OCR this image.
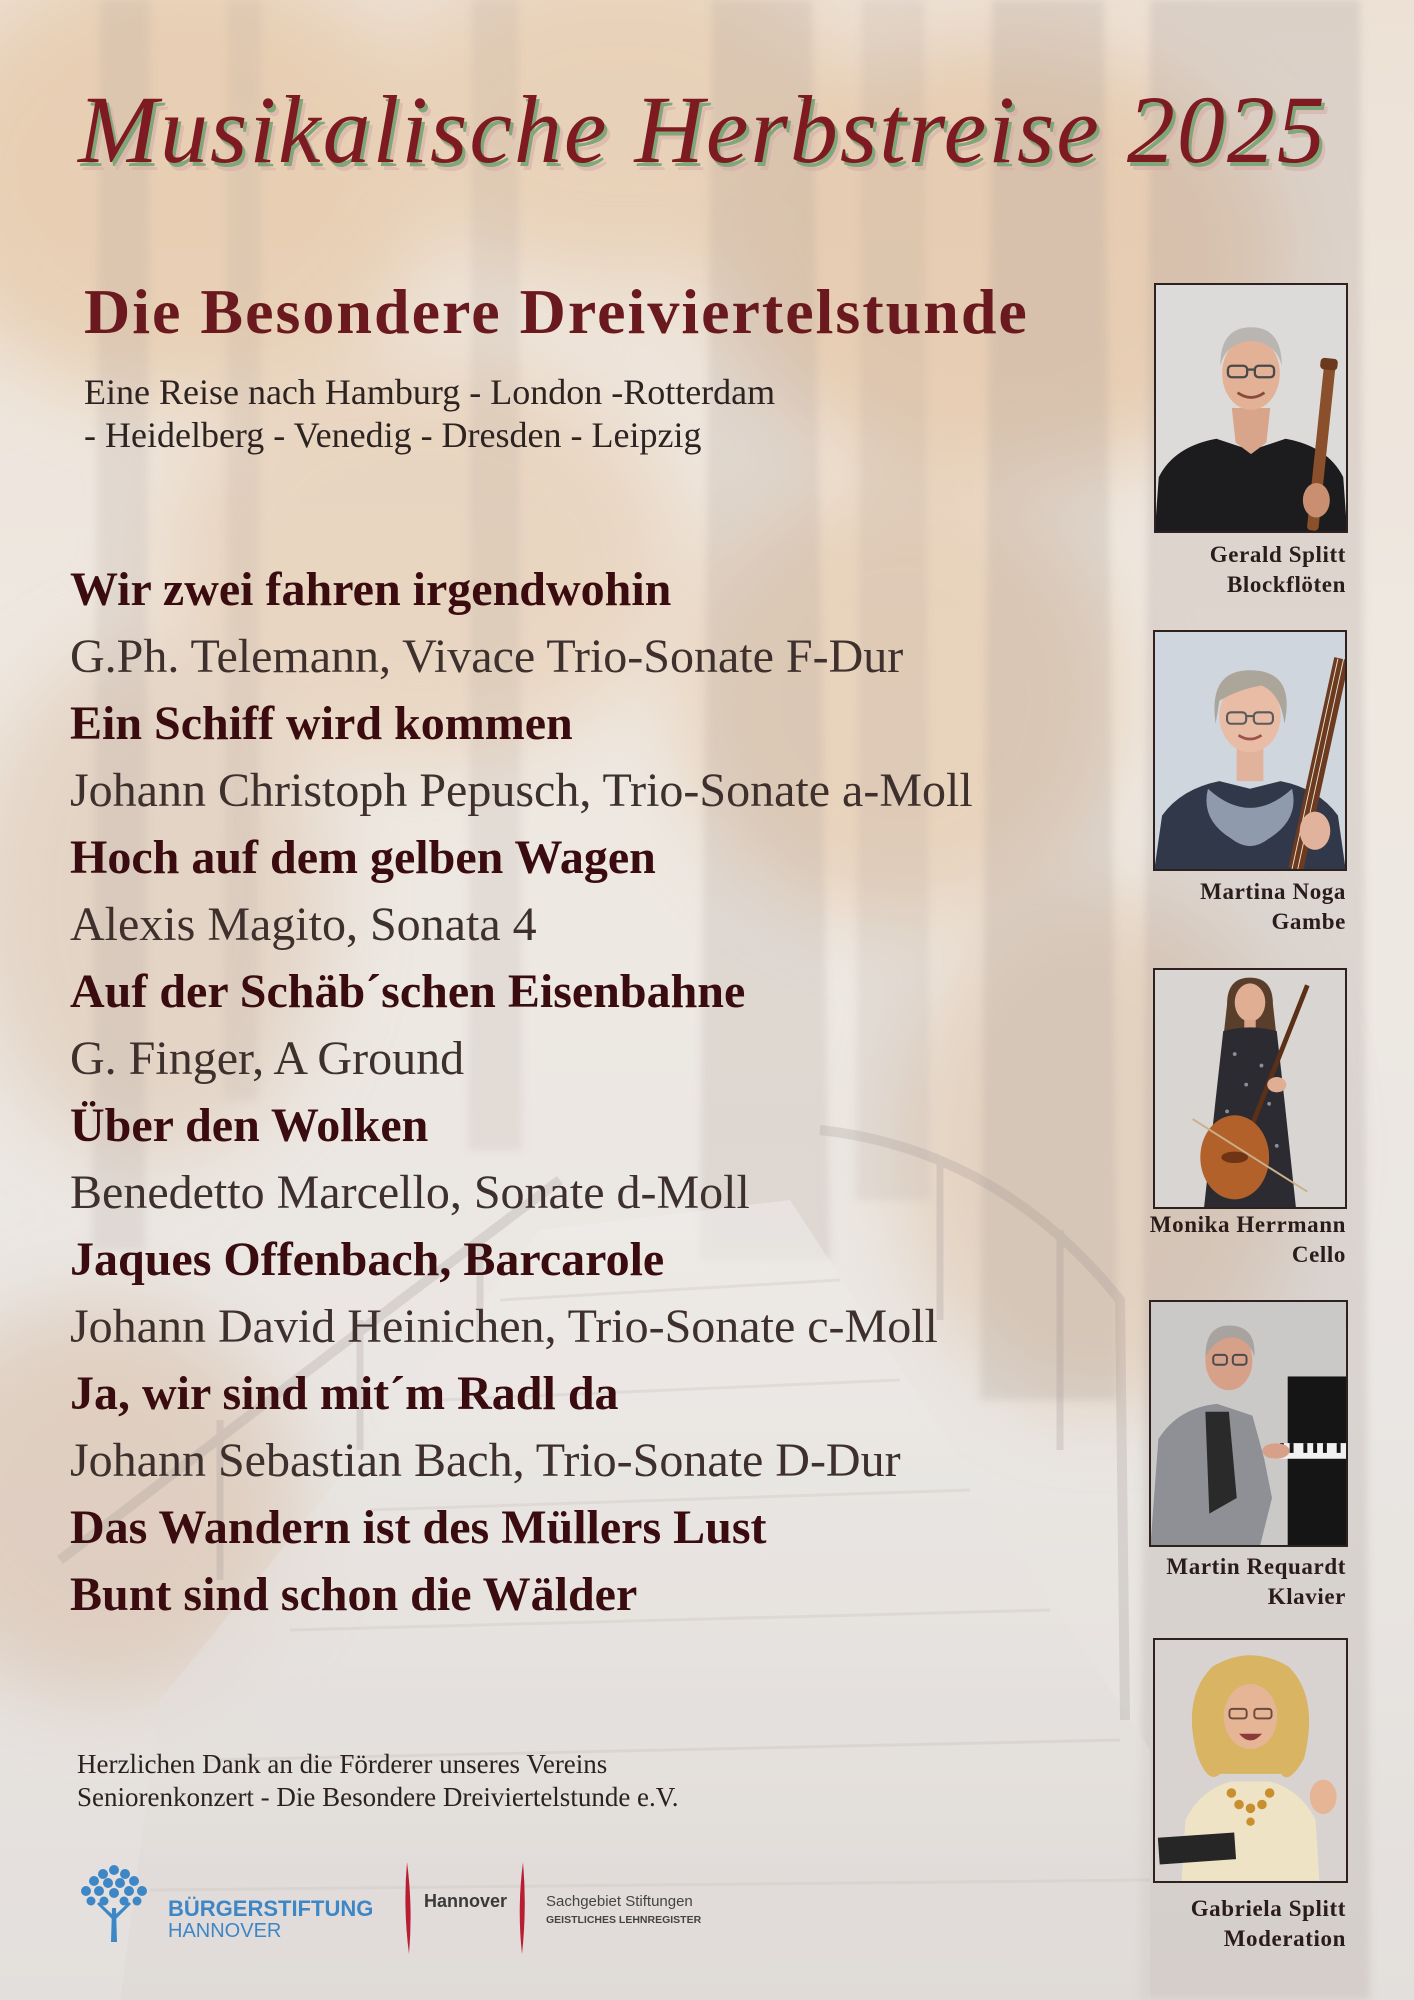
Musikalische Herbstreise 2025
Die Besondere Dreiviertelstunde
Eine Reise nach Hamburg - London -Rotterdam
- Heidelberg - Venedig - Dresden - Leipzig
Wir zwei fahren irgendwohin
G.Ph. Telemann, Vivace Trio-Sonate F-Dur
Ein Schiff wird kommen
Johann Christoph Pepusch, Trio-Sonate a-Moll
Hoch auf dem gelben Wagen
Alexis Magito, Sonata 4
Auf der Schäb´schen Eisenbahne
G. Finger, A Ground
Über den Wolken
Benedetto Marcello, Sonate d-Moll
Jaques Offenbach, Barcarole
Johann David Heinichen, Trio-Sonate c-Moll
Ja, wir sind mit´m Radl da
Johann Sebastian Bach, Trio-Sonate D-Dur
Das Wandern ist des Müllers Lust
Bunt sind schon die Wälder
Gerald Splitt
Blockflöten
Martina Noga
Gambe
Monika Herrmann
Cello
Martin Requardt
Klavier
Gabriela Splitt
Moderation
Herzlichen Dank an die Förderer unseres Vereins
Seniorenkonzert - Die Besondere Dreiviertelstunde e.V.
BÜRGERSTIFTUNG
HANNOVER
Hannover	Sachgebiet Stiftungen
GEISTLICHES LEHNREGISTER
